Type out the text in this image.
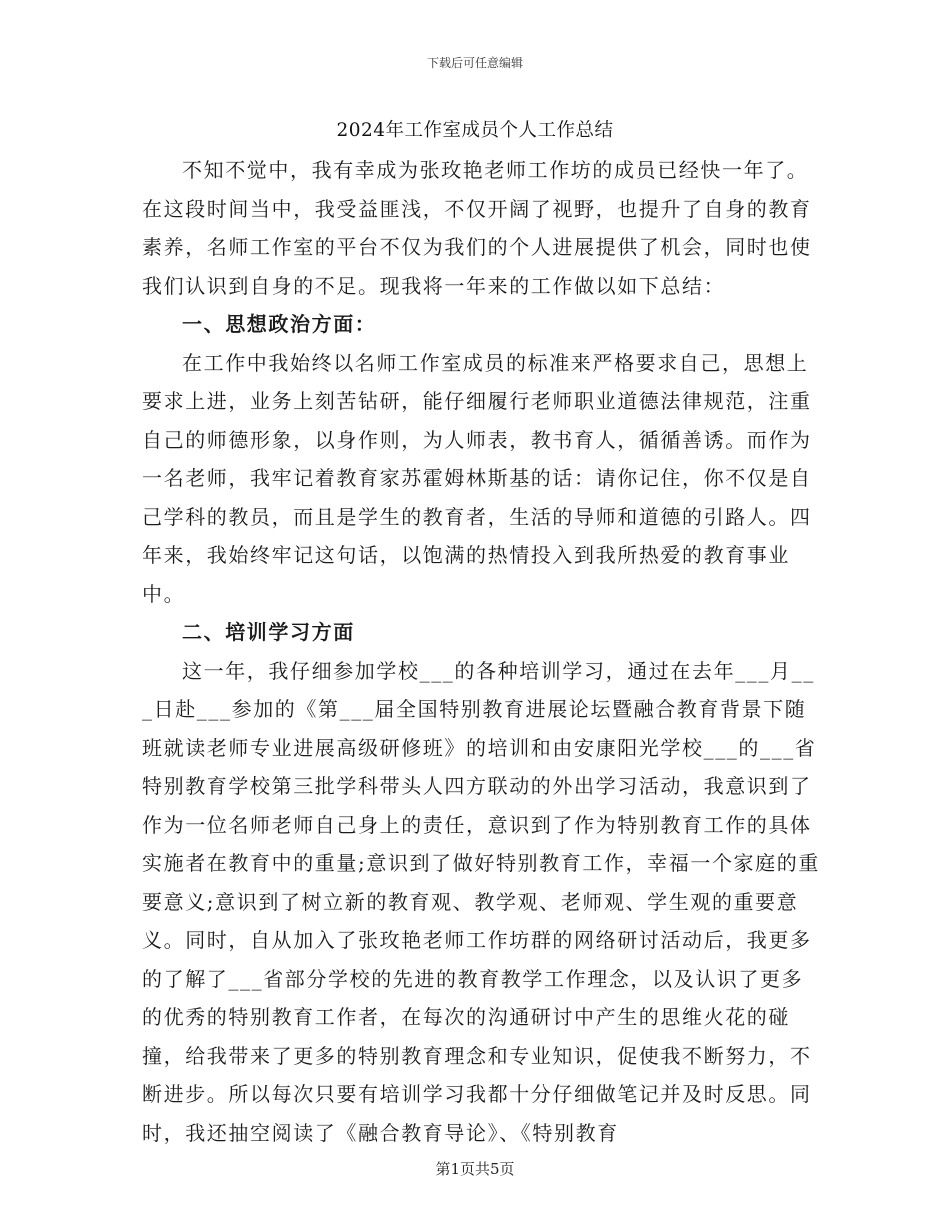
下载后可任意编辑
2024年工作室成员个人工作总结

不知不觉中，我有幸成为张玫艳老师工作坊的成员已经快一年了。在这段时间当中，我受益匪浅，不仅开阔了视野，也提升了自身的教育素养，名师工作室的平台不仅为我们的个人进展提供了机会，同时也使我们认识到自身的不足。现我将一年来的工作做以如下总结：

一、思想政治方面：

在工作中我始终以名师工作室成员的标准来严格要求自己，思想上要求上进，业务上刻苦钻研，能仔细履行老师职业道德法律规范，注重自己的师德形象，以身作则，为人师表，教书育人，循循善诱。而作为一名老师，我牢记着教育家苏霍姆林斯基的话：请你记住，你不仅是自己学科的教员，而且是学生的教育者，生活的导师和道德的引路人。四年来，我始终牢记这句话，以饱满的热情投入到我所热爱的教育事业中。

二、培训学习方面

这一年，我仔细参加学校___的各种培训学习，通过在去年___月___日赴___参加的《第___届全国特别教育进展论坛暨融合教育背景下随班就读老师专业进展高级研修班》的培训和由安康阳光学校___的___省特别教育学校第三批学科带头人四方联动的外出学习活动，我意识到了作为一位名师老师自己身上的责任，意识到了作为特别教育工作的具体实施者在教育中的重量;意识到了做好特别教育工作，幸福一个家庭的重要意义;意识到了树立新的教育观、教学观、老师观、学生观的重要意义。同时，自从加入了张玫艳老师工作坊群的网络研讨活动后，我更多的了解了___省部分学校的先进的教育教学工作理念，以及认识了更多的优秀的特别教育工作者，在每次的沟通研讨中产生的思维火花的碰撞，给我带来了更多的特别教育理念和专业知识，促使我不断努力，不断进步。所以每次只要有培训学习我都十分仔细做笔记并及时反思。同时，我还抽空阅读了《融合教育导论》、《特别教育

第1页共5页
